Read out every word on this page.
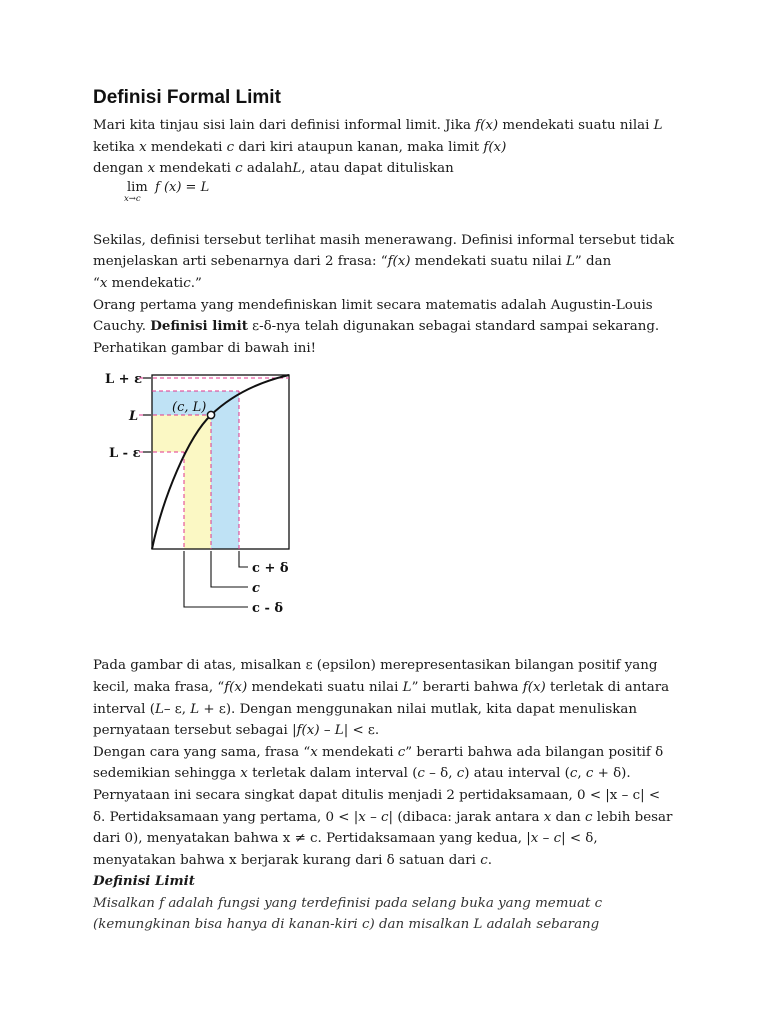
Definisi Formal Limit

Mari kita tinjau sisi lain dari definisi informal limit. Jika f(x) mendekati suatu nilai L

ketika x mendekati c dari kiri ataupun kanan, maka limit f(x)

dengan x mendekati c adalahL, atau dapat dituliskan

lim
x→c
f (x) = L

Sekilas, definisi tersebut terlihat masih menerawang. Definisi informal tersebut tidak

menjelaskan arti sebenarnya dari 2 frasa: “f(x) mendekati suatu nilai L” dan

“x mendekatic.”

Orang pertama yang mendefiniskan limit secara matematis adalah Augustin-Louis

Cauchy. Definisi limit ε-δ-nya telah digunakan sebagai standard sampai sekarang.

Perhatikan gambar di bawah ini!

L + ε
L
L - ε
(c, L)
c + δ
c
c - δ

Pada gambar di atas, misalkan ε (epsilon) merepresentasikan bilangan positif yang

kecil, maka frasa, “f(x) mendekati suatu nilai L” berarti bahwa f(x) terletak di antara

interval (L– ε, L + ε). Dengan menggunakan nilai mutlak, kita dapat menuliskan

pernyataan tersebut sebagai |f(x) – L| < ε.

Dengan cara yang sama, frasa “x mendekati c” berarti bahwa ada bilangan positif δ

sedemikian sehingga x terletak dalam interval (c – δ, c) atau interval (c, c + δ).

Pernyataan ini secara singkat dapat ditulis menjadi 2 pertidaksamaan, 0 < |x – c| <

δ. Pertidaksamaan yang pertama, 0 < |x – c| (dibaca: jarak antara x dan c lebih besar

dari 0), menyatakan bahwa x ≠ c. Pertidaksamaan yang kedua, |x – c| < δ,

menyatakan bahwa x berjarak kurang dari δ satuan dari c.

Definisi Limit

Misalkan f adalah fungsi yang terdefinisi pada selang buka yang memuat c

(kemungkinan bisa hanya di kanan-kiri c) dan misalkan L adalah sebarang
